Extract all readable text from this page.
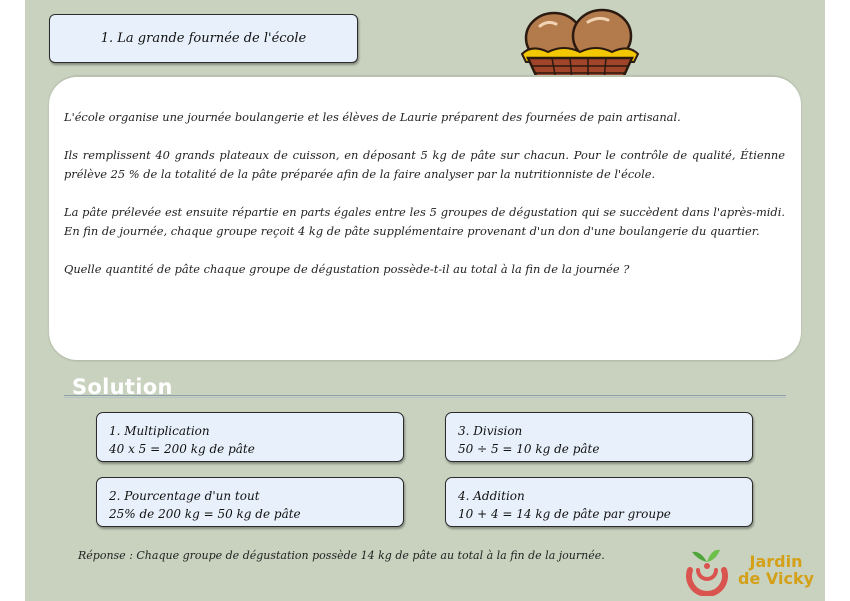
1. La grande fournée de l'école

L'école organise une journée boulangerie et les élèves de Laurie préparent des fournées de pain artisanal.

Ils remplissent 40 grands plateaux de cuisson, en déposant 5 kg de pâte sur chacun. Pour le contrôle de qualité, Étienne prélève 25 % de la totalité de la pâte préparée afin de la faire analyser par la nutritionniste de l'école.

La pâte prélevée est ensuite répartie en parts égales entre les 5 groupes de dégustation qui se succèdent dans l'après-midi. En fin de journée, chaque groupe reçoit 4 kg de pâte supplémentaire provenant d'un don d'une boulangerie du quartier.

Quelle quantité de pâte chaque groupe de dégustation possède-t-il au total à la fin de la journée ?

Solution
1. Multiplication
40 x 5 = 200 kg de pâte
2. Pourcentage d'un tout
25% de 200 kg = 50 kg de pâte
3. Division
50 ÷ 5 = 10 kg de pâte
4. Addition
10 + 4 = 14 kg de pâte par groupe
Réponse : Chaque groupe de dégustation possède 14 kg de pâte au total à la fin de la journée.	Jardin
de Vicky
